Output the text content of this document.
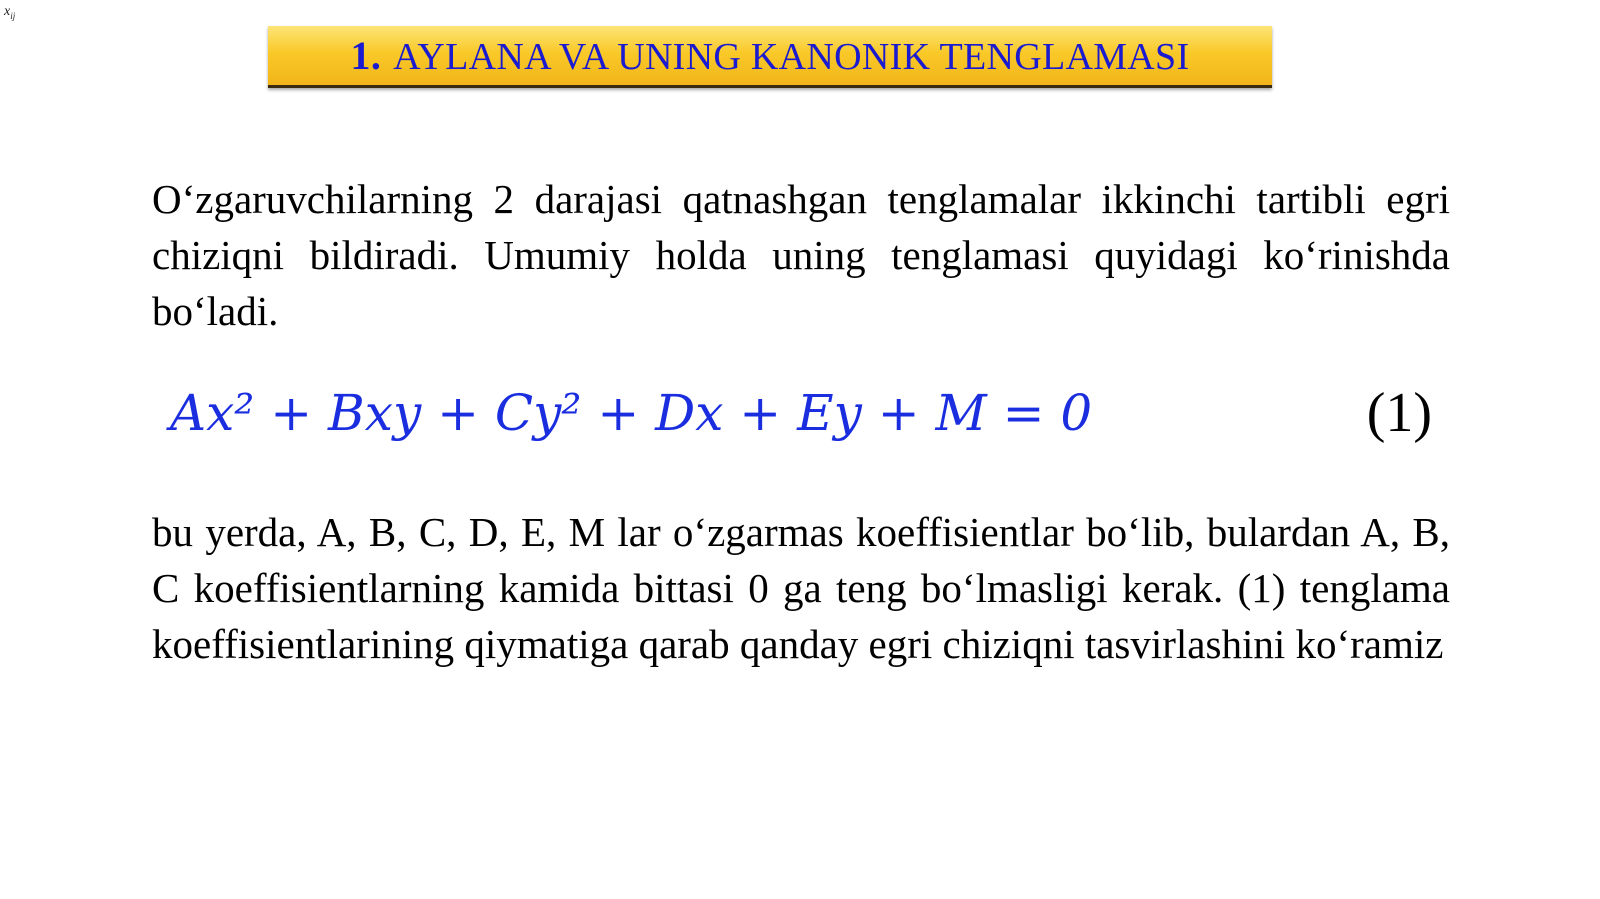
$x_{ij}$
1. AYLANA VA UNING KANONIK TENGLAMASI

O‘zgaruvchilarning 2 darajasi qatnashgan tenglamalar ikkinchi tartibli egri chiziqni bildiradi. Umumiy holda uning tenglamasi quyidagi ko‘rinishda bo‘ladi.

Ax² + Bxy + Cy² + Dx + Ey + M = 0	(1)

bu yerda, A, B, C, D, E, M lar o‘zgarmas koeffisientlar bo‘lib, bulardan A, B, C koeffisientlarning kamida bittasi 0 ga teng bo‘lmasligi kerak. (1) tenglama koeffisientlarining qiymatiga qarab qanday egri chiziqni tasvirlashini ko‘ramiz
